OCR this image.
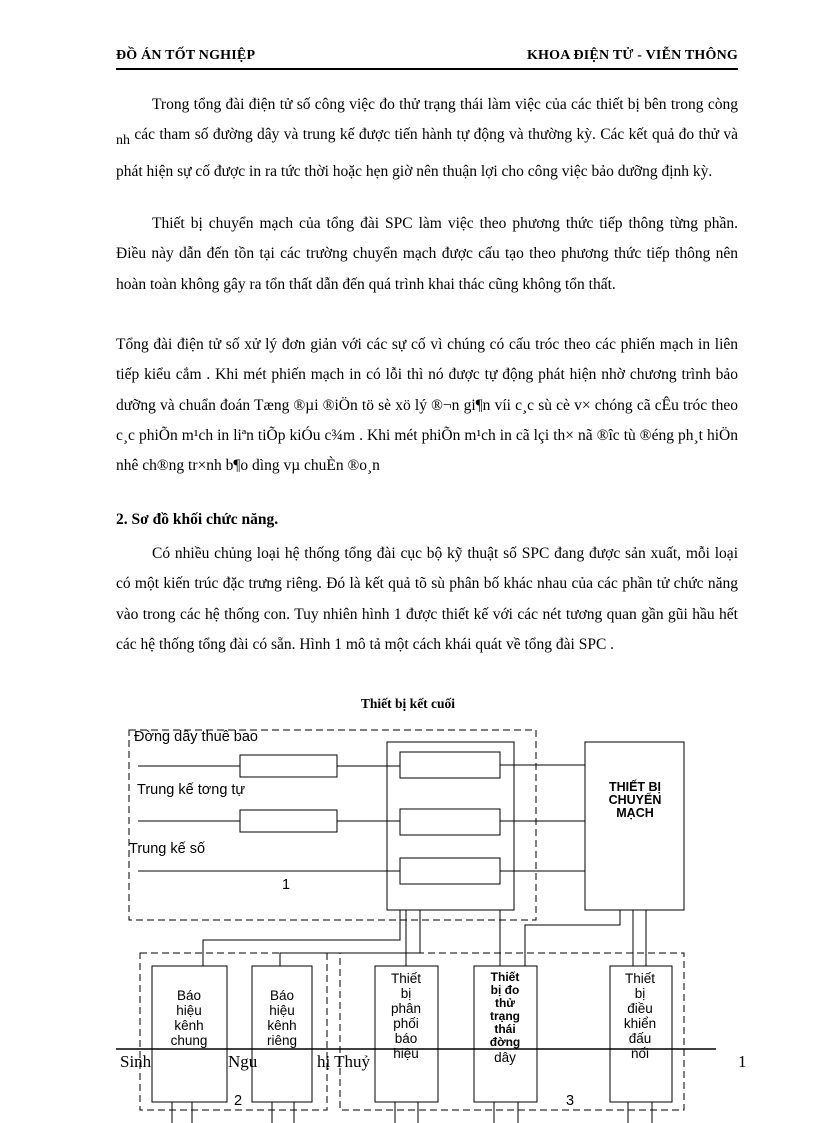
ĐỒ ÁN TỐT NGHIỆP	KHOA ĐIỆN TỬ - VIỄN THÔNG

Trong tổng đài điện tử số công việc đo thử trạng thái làm việc của các thiết bị bên trong còng nh các tham số đường dây và trung kế được tiến hành tự động và thường kỳ. Các kết quả đo thử và phát hiện sự cố được in ra tức thời hoặc hẹn giờ nên thuận lợi cho công việc bảo dưỡng định kỳ.

Thiết bị chuyển mạch của tổng đài SPC làm việc theo phương thức tiếp thông từng phần. Điều này dẫn đến tồn tại các trường chuyển mạch được cấu tạo theo phương thức tiếp thông nên hoàn toàn không gây ra tổn thất dẫn đến quá trình khai thác cũng không tổn thất.

Tổng đài điện tử số xử lý đơn giản với các sự cố vì chúng có cấu tróc theo các phiến mạch in liên tiếp kiểu cắm . Khi mét phiến mạch in có lỗi thì nó được tự động phát hiện nhờ chương trình bảo dưỡng và chuẩn đoán Tæng ®µi ®iÖn tö sè xö lý ®¬n gi¶n víi c¸c sù cè v× chóng cã cÊu tróc theo c¸c phiÕn m¹ch in liªn tiÕp kiÓu c¾m . Khi mét phiÕn m¹ch in cã lçi th× nã ®îc tù ®éng ph¸t hiÖn nhê ch®ng tr×nh b¶o dìng vµ chuÈn ®o¸n

2. Sơ đồ khối chức năng.

Có nhiều chủng loại hệ thống tổng đài cục bộ kỹ thuật số SPC đang được sản xuất, mỗi loại có một kiến trúc đặc trưng riêng. Đó là kết quả tõ sù phân bố khác nhau của các phần tử chức năng vào trong các hệ thống con. Tuy nhiên hình 1 được thiết kế với các nét tương quan gần gũi hầu hết các hệ thống tổng đài có sẵn. Hình 1 mô tả một cách khái quát về tổng đài SPC .

Thiết bị kết cuối
Đờng dây thuê bao
Trung kế tơng tự
Trung kế số
1
2	3
THIẾT BỊ
CHUYỂN
MẠCH
Báo
hiệu
kênh
chung
Báo
hiệu
kênh
riêng
Thiết
bị
phân
phối
báo
hiệu
Thiết
bị
điều
khiển
đấu
nối
Thiết
bị đo
thử
trạng
thái
đờng
dây
Sinh	Ngu	hị Thuỷ	1
